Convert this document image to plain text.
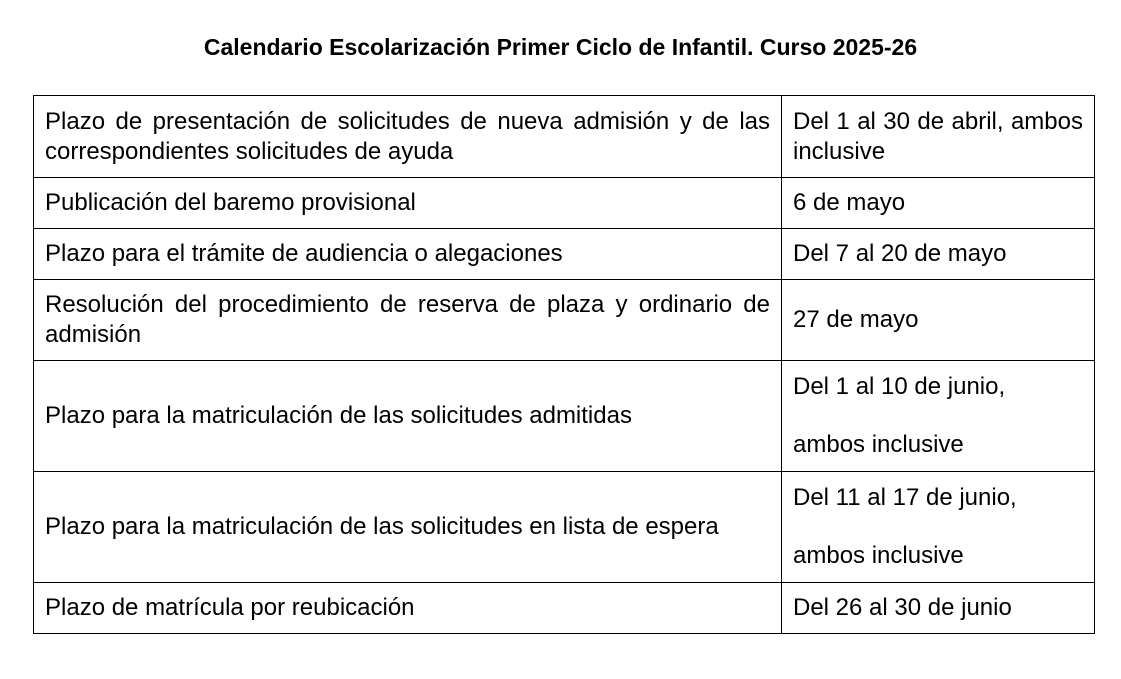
Calendario Escolarización Primer Ciclo de Infantil. Curso 2025-26
Plazo de presentación de solicitudes de nueva admisión y de las correspondientes solicitudes de ayuda	Del 1 al 30 de abril, ambos inclusive

Publicación del baremo provisional	6 de mayo

Plazo para el trámite de audiencia o alegaciones	Del 7 al 20 de mayo

Resolución del procedimiento de reserva de plaza y ordinario de admisión	27 de mayo

Plazo para la matriculación de las solicitudes admitidas	Del 1 al 10 de junio,
ambos inclusive

Plazo para la matriculación de las solicitudes en lista de espera	Del 11 al 17 de junio,
ambos inclusive

Plazo de matrícula por reubicación	Del 26 al 30 de junio
